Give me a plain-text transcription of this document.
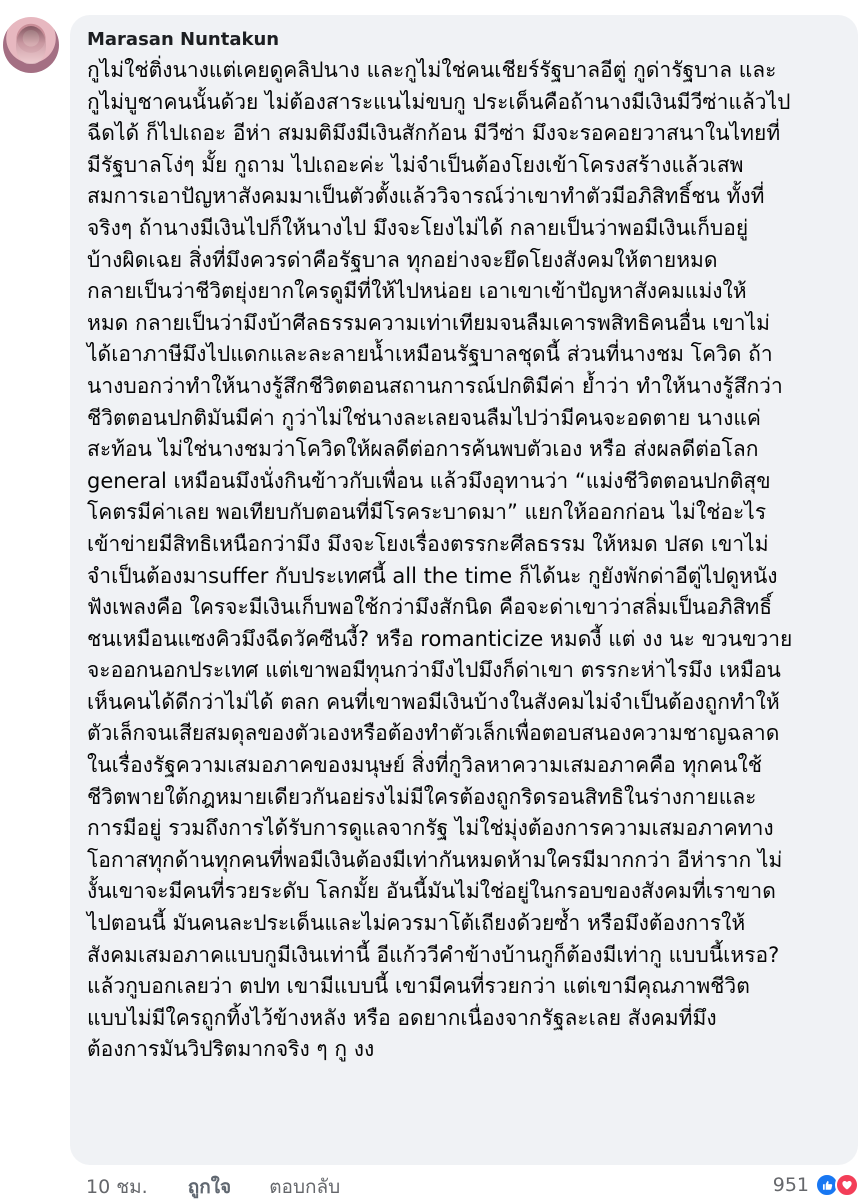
Marasan Nuntakun

กูไม่ใช่ติ่งนางแต่เคยดูคลิปนาง และกูไม่ใช่คนเชียร์รัฐบาลอีตู่ กูด่ารัฐบาล และ
กูไม่บูชาคนนั้นด้วย ไม่ต้องสาระแนไม่ขบกู ประเด็นคือถ้านางมีเงินมีวีซ่าแล้วไป
ฉีดได้ ก็ไปเถอะ อีห่า สมมติมึงมีเงินสักก้อน มีวีซ่า มึงจะรอคอยวาสนาในไทยที่
มีรัฐบาลโง่ๆ มั้ย กูถาม ไปเถอะค่ะ ไม่จำเป็นต้องโยงเข้าโครงสร้างแล้วเสพ
สมการเอาปัญหาสังคมมาเป็นตัวตั้งแล้ววิจารณ์ว่าเขาทำตัวมีอภิสิทธิ์ชน ทั้งที่
จริงๆ ถ้านางมีเงินไปก็ให้นางไป มึงจะโยงไม่ได้ กลายเป็นว่าพอมีเงินเก็บอยู่
บ้างผิดเฉย สิ่งที่มึงควรด่าคือรัฐบาล ทุกอย่างจะยึดโยงสังคมให้ตายหมด
กลายเป็นว่าชีวิตยุ่งยากใครดูมีที่ให้ไปหน่อย เอาเขาเข้าปัญหาสังคมแม่งให้
หมด กลายเป็นว่ามึงบ้าศีลธรรมความเท่าเทียมจนลืมเคารพสิทธิคนอื่น เขาไม่
ได้เอาภาษีมึงไปแดกและละลายน้ำเหมือนรัฐบาลชุดนี้ ส่วนที่นางชม โควิด ถ้า
นางบอกว่าทำให้นางรู้สึกชีวิตตอนสถานการณ์ปกติมีค่า ย้ำว่า ทำให้นางรู้สึกว่า
ชีวิตตอนปกติมันมีค่า กูว่าไม่ใช่นางละเลยจนลืมไปว่ามีคนจะอดตาย นางแค่
สะท้อน ไม่ใช่นางชมว่าโควิดให้ผลดีต่อการค้นพบตัวเอง หรือ ส่งผลดีต่อโลก
general เหมือนมึงนั่งกินข้าวกับเพื่อน แล้วมึงอุทานว่า “แม่งชีวิตตอนปกติสุข
โคตรมีค่าเลย พอเทียบกับตอนที่มีโรคระบาดมา” แยกให้ออกก่อน ไม่ใช่อะไร
เข้าข่ายมีสิทธิเหนือกว่ามึง มึงจะโยงเรื่องตรรกะศีลธรรม ให้หมด ปสด เขาไม่
จำเป็นต้องมาsuffer กับประเทศนี้ all the time ก็ได้นะ กูยังพักด่าอีตู่ไปดูหนัง
ฟังเพลงคือ ใครจะมีเงินเก็บพอใช้กว่ามึงสักนิด คือจะด่าเขาว่าสลิ่มเป็นอภิสิทธิ์
ชนเหมือนแซงคิวมึงฉีดวัคซีนงี้? หรือ romanticize หมดงี้ แต่ งง นะ ขวนขวาย
จะออกนอกประเทศ แต่เขาพอมีทุนกว่ามึงไปมึงก็ด่าเขา ตรรกะห่าไรมึง เหมือน
เห็นคนได้ดีกว่าไม่ได้ ตลก คนที่เขาพอมีเงินบ้างในสังคมไม่จำเป็นต้องถูกทำให้
ตัวเล็กจนเสียสมดุลของตัวเองหรือต้องทำตัวเล็กเพื่อตอบสนองความชาญฉลาด
ในเรื่องรัฐความเสมอภาคของมนุษย์ สิ่งที่กูวิลหาความเสมอภาคคือ ทุกคนใช้
ชีวิตพายใต้กฎหมายเดียวกันอย่รงไม่มีใครต้องถูกริดรอนสิทธิในร่างกายและ
การมีอยู่ รวมถึงการได้รับการดูแลจากรัฐ ไม่ใช่มุ่งต้องการความเสมอภาคทาง
โอกาสทุกด้านทุกคนที่พอมีเงินต้องมีเท่ากันหมดห้ามใครมีมากกว่า อีห่าราก ไม่
งั้นเขาจะมีคนที่รวยระดับ โลกมั้ย อันนี้มันไม่ใช่อยู่ในกรอบของสังคมที่เราขาด
ไปตอนนี้ มันคนละประเด็นและไม่ควรมาโต้เถียงด้วยซ้ำ หรือมึงต้องการให้
สังคมเสมอภาคแบบกูมีเงินเท่านี้ อีแก้ววีคำข้างบ้านกูก็ต้องมีเท่ากู แบบนี้เหรอ?
แล้วกูบอกเลยว่า ตปท เขามีแบบนี้ เขามีคนที่รวยกว่า แต่เขามีคุณภาพชีวิต
แบบไม่มีใครถูกทิ้งไว้ข้างหลัง หรือ อดยากเนื่องจากรัฐละเลย สังคมที่มึง
ต้องการมันวิปริตมากจริง ๆ กู งง

10 ชม. ถูกใจ ตอบกลับ	951
